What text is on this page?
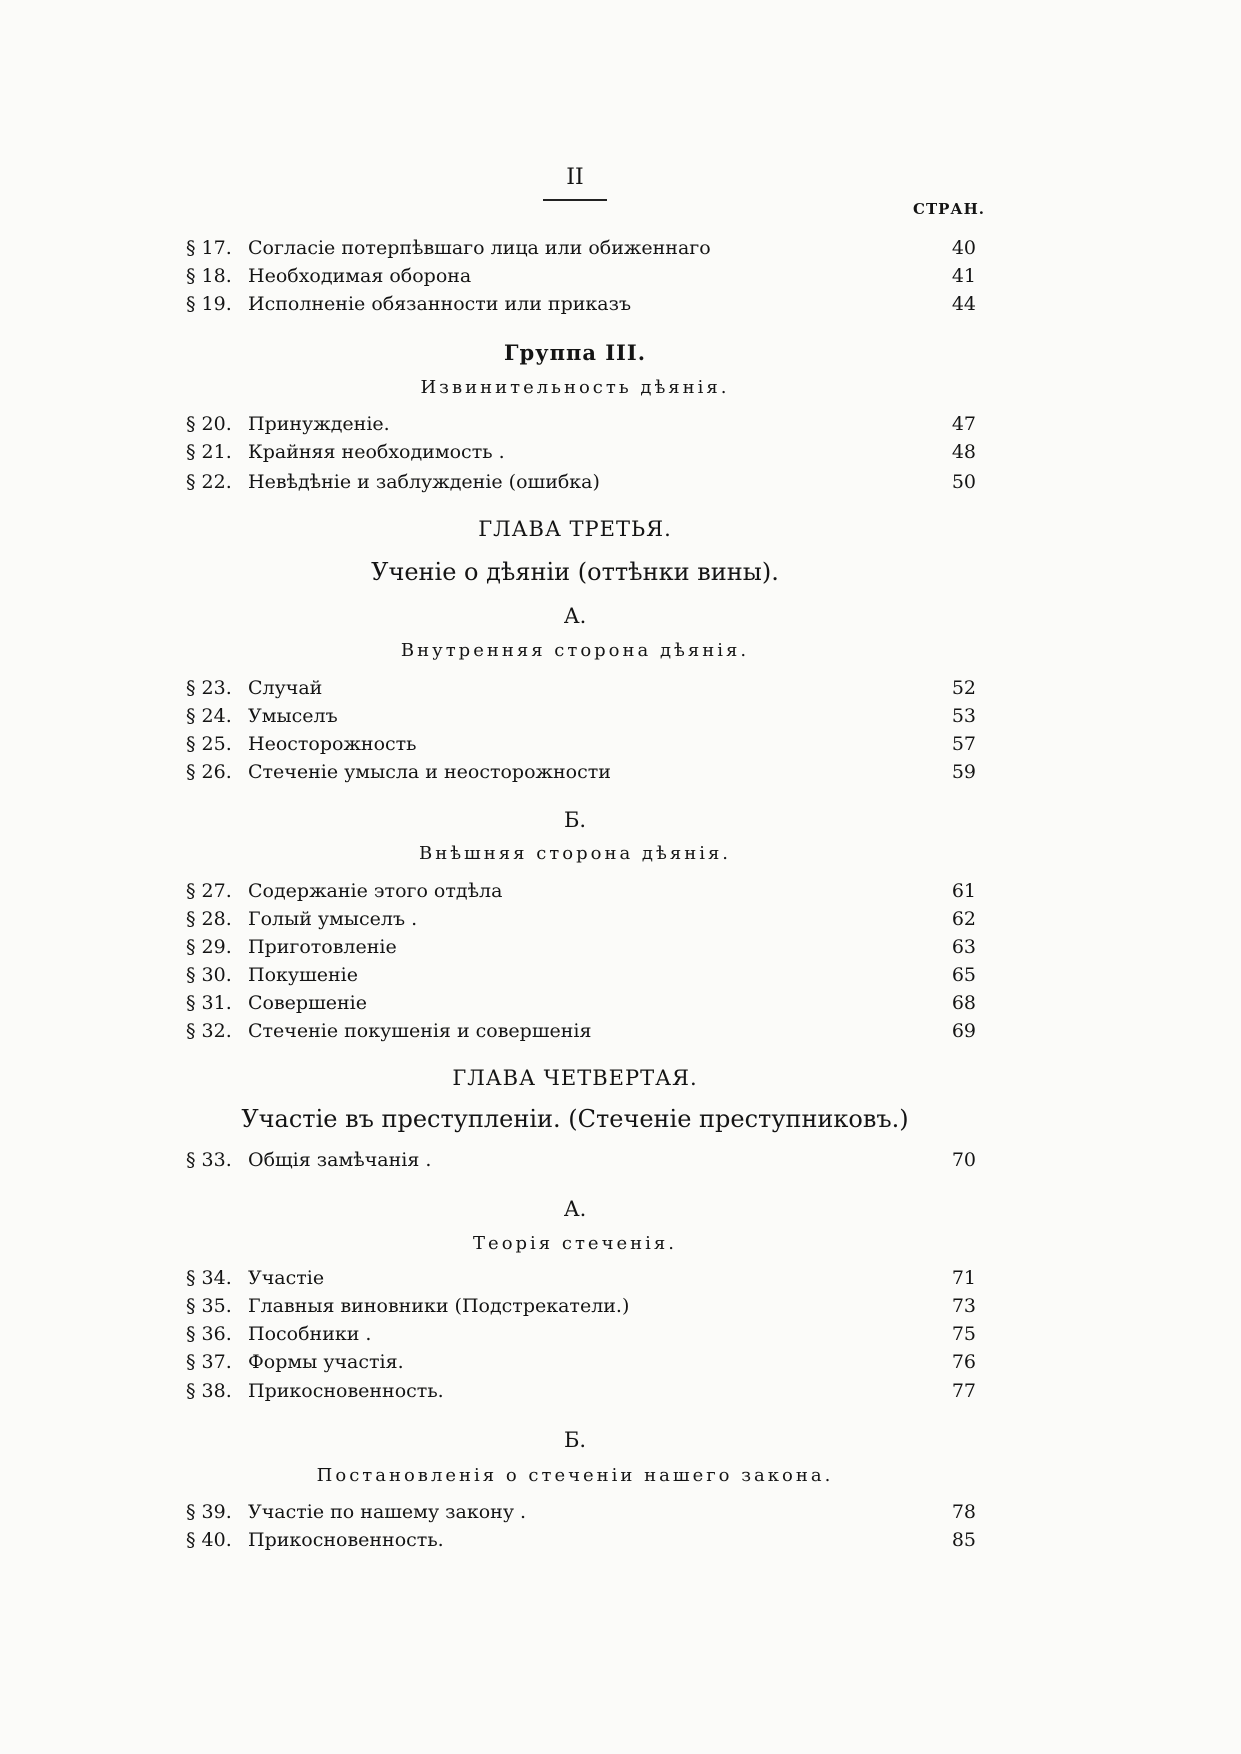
II
СТРАН.
§ 17. Согласіе потерпѣвшаго лица или обиженнаго	40
§ 18. Необходимая оборона	41
§ 19. Исполненіе обязанности или приказъ	44
Группа III.
Извинительность дѣянія.
§ 20. Принужденіе.	47
§ 21. Крайняя необходимость .	48
§ 22. Невѣдѣніе и заблужденіе (ошибка)	50
ГЛАВА ТРЕТЬЯ.
Ученіе о дѣяніи (оттѣнки вины).
А.
Внутренняя сторона дѣянія.
§ 23. Случай	52
§ 24. Умыселъ	53
§ 25. Неосторожность	57
§ 26. Стеченіе умысла и неосторожности	59
Б.
Внѣшняя сторона дѣянія.
§ 27. Содержаніе этого отдѣла	61
§ 28. Голый умыселъ .	62
§ 29. Приготовленіе	63
§ 30. Покушеніе	65
§ 31. Совершеніе	68
§ 32. Стеченіе покушенія и совершенія	69
ГЛАВА ЧЕТВЕРТАЯ.
Участіе въ преступленіи. (Стеченіе преступниковъ.)
§ 33. Общія замѣчанія .	70
А.
Теорія стеченія.
§ 34. Участіе	71
§ 35. Главныя виновники (Подстрекатели.)	73
§ 36. Пособники .	75
§ 37. Формы участія.	76
§ 38. Прикосновенность.	77
Б.
Постановленія о стеченіи нашего закона.
§ 39. Участіе по нашему закону .	78
§ 40. Прикосновенность.	85
